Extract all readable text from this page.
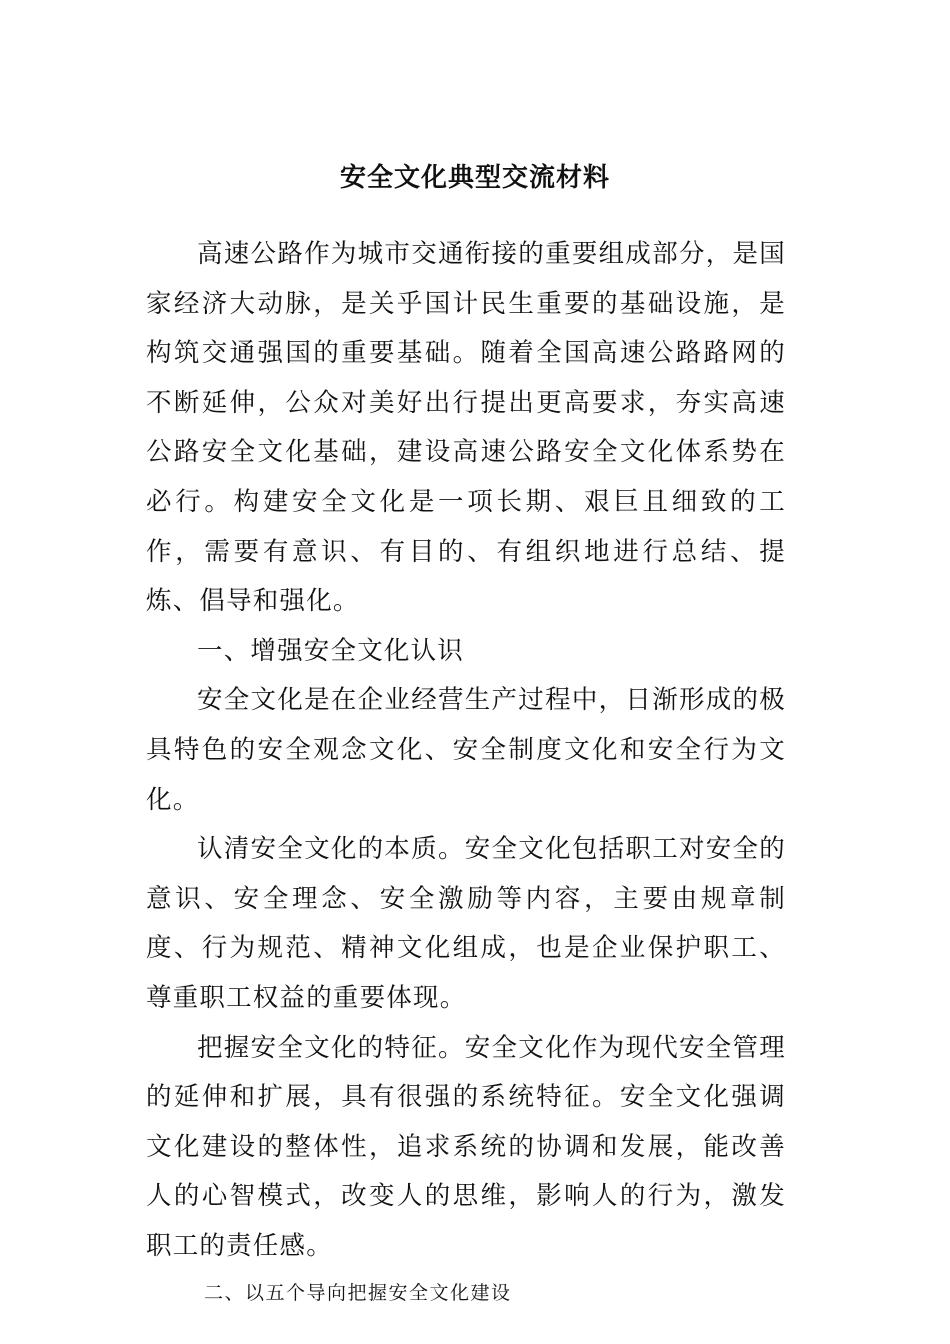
安全文化典型交流材料

高速公路作为城市交通衔接的重要组成部分，是国家经济大动脉，是关乎国计民生重要的基础设施，是构筑交通强国的重要基础。随着全国高速公路路网的不断延伸，公众对美好出行提出更高要求，夯实高速公路安全文化基础，建设高速公路安全文化体系势在必行。构建安全文化是一项长期、艰巨且细致的工作，需要有意识、有目的、有组织地进行总结、提炼、倡导和强化。

一、增强安全文化认识

安全文化是在企业经营生产过程中，日渐形成的极具特色的安全观念文化、安全制度文化和安全行为文化。

认清安全文化的本质。安全文化包括职工对安全的意识、安全理念、安全激励等内容，主要由规章制度、行为规范、精神文化组成，也是企业保护职工、尊重职工权益的重要体现。

把握安全文化的特征。安全文化作为现代安全管理的延伸和扩展，具有很强的系统特征。安全文化强调文化建设的整体性，追求系统的协调和发展，能改善人的心智模式，改变人的思维，影响人的行为，激发职工的责任感。

二、以五个导向把握安全文化建设
